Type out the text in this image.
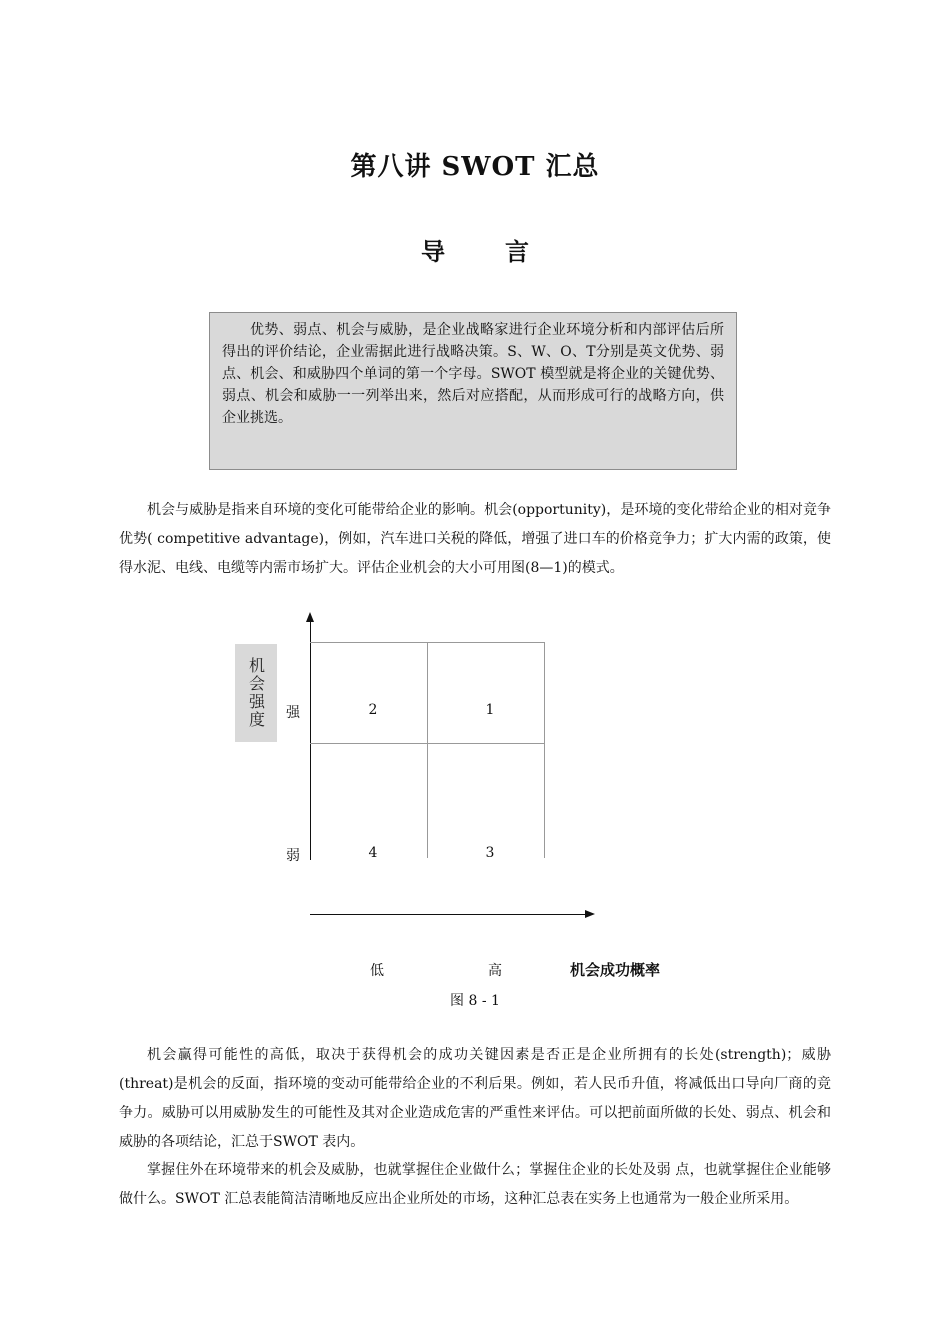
第八讲 SWOT 汇总
导言
优势、弱点、机会与威胁，是企业战略家进行企业环境分析和内部评估后所得出的评价结论，企业需据此进行战略决策。S、W、O、T分别是英文优势、弱点、机会、和威胁四个单词的第一个字母。SWOT 模型就是将企业的关键优势、弱点、机会和威胁一一列举出来，然后对应搭配，从而形成可行的战略方向，供企业挑选。
机会与威胁是指来自环境的变化可能带给企业的影响。机会(opportunity)，是环境的变化带给企业的相对竞争优势( competitive advantage)，例如，汽车进口关税的降低，增强了进口车的价格竞争力；扩大内需的政策，使得水泥、电线、电缆等内需市场扩大。评估企业机会的大小可用图(8—1)的模式。
机会强度	强
弱
2	1
4	3
低	高	机会成功概率
图 8 - 1
机会赢得可能性的高低，取决于获得机会的成功关键因素是否正是企业所拥有的长处(strength)；威胁(threat)是机会的反面，指环境的变动可能带给企业的不利后果。例如，若人民币升值，将减低出口导向厂商的竞争力。威胁可以用威胁发生的可能性及其对企业造成危害的严重性来评估。可以把前面所做的长处、弱点、机会和威胁的各项结论，汇总于SWOT 表内。
掌握住外在环境带来的机会及威胁，也就掌握住企业做什么；掌握住企业的长处及弱 点，也就掌握住企业能够做什么。SWOT 汇总表能简洁清晰地反应出企业所处的市场，这种汇总表在实务上也通常为一般企业所采用。
